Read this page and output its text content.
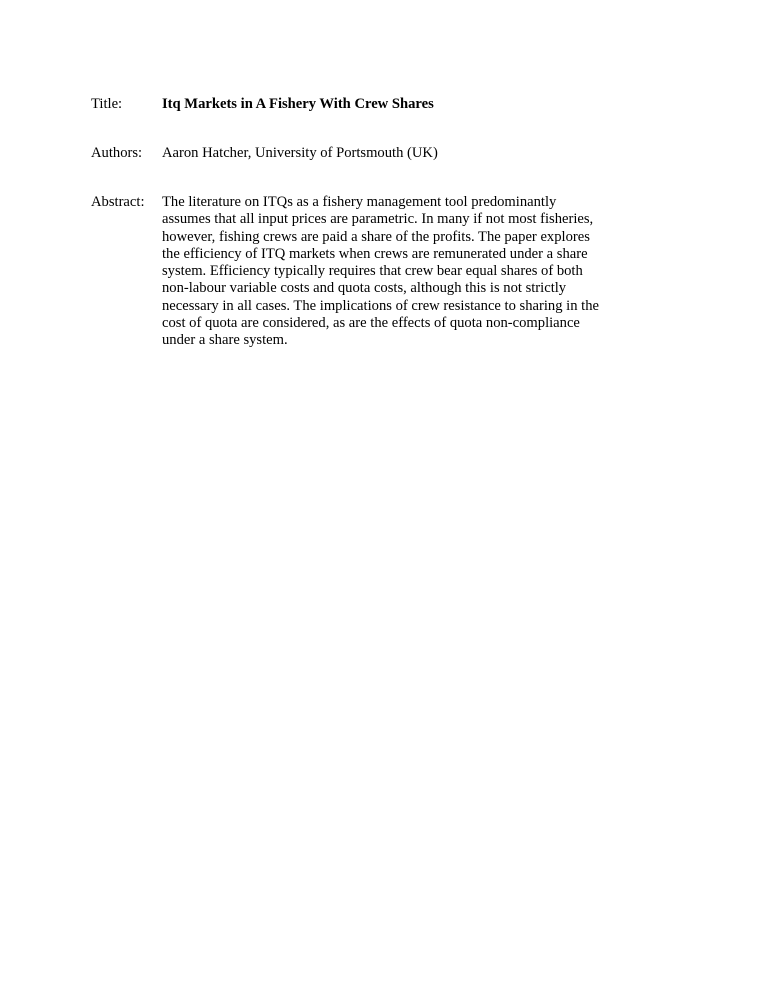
Title:	Itq Markets in A Fishery With Crew Shares
Authors:	Aaron Hatcher, University of Portsmouth (UK)
Abstract:	The literature on ITQs as a fishery management tool predominantly
assumes that all input prices are parametric. In many if not most fisheries,
however, fishing crews are paid a share of the profits. The paper explores
the efficiency of ITQ markets when crews are remunerated under a share
system. Efficiency typically requires that crew bear equal shares of both
non-labour variable costs and quota costs, although this is not strictly
necessary in all cases. The implications of crew resistance to sharing in the
cost of quota are considered, as are the effects of quota non-compliance
under a share system.
